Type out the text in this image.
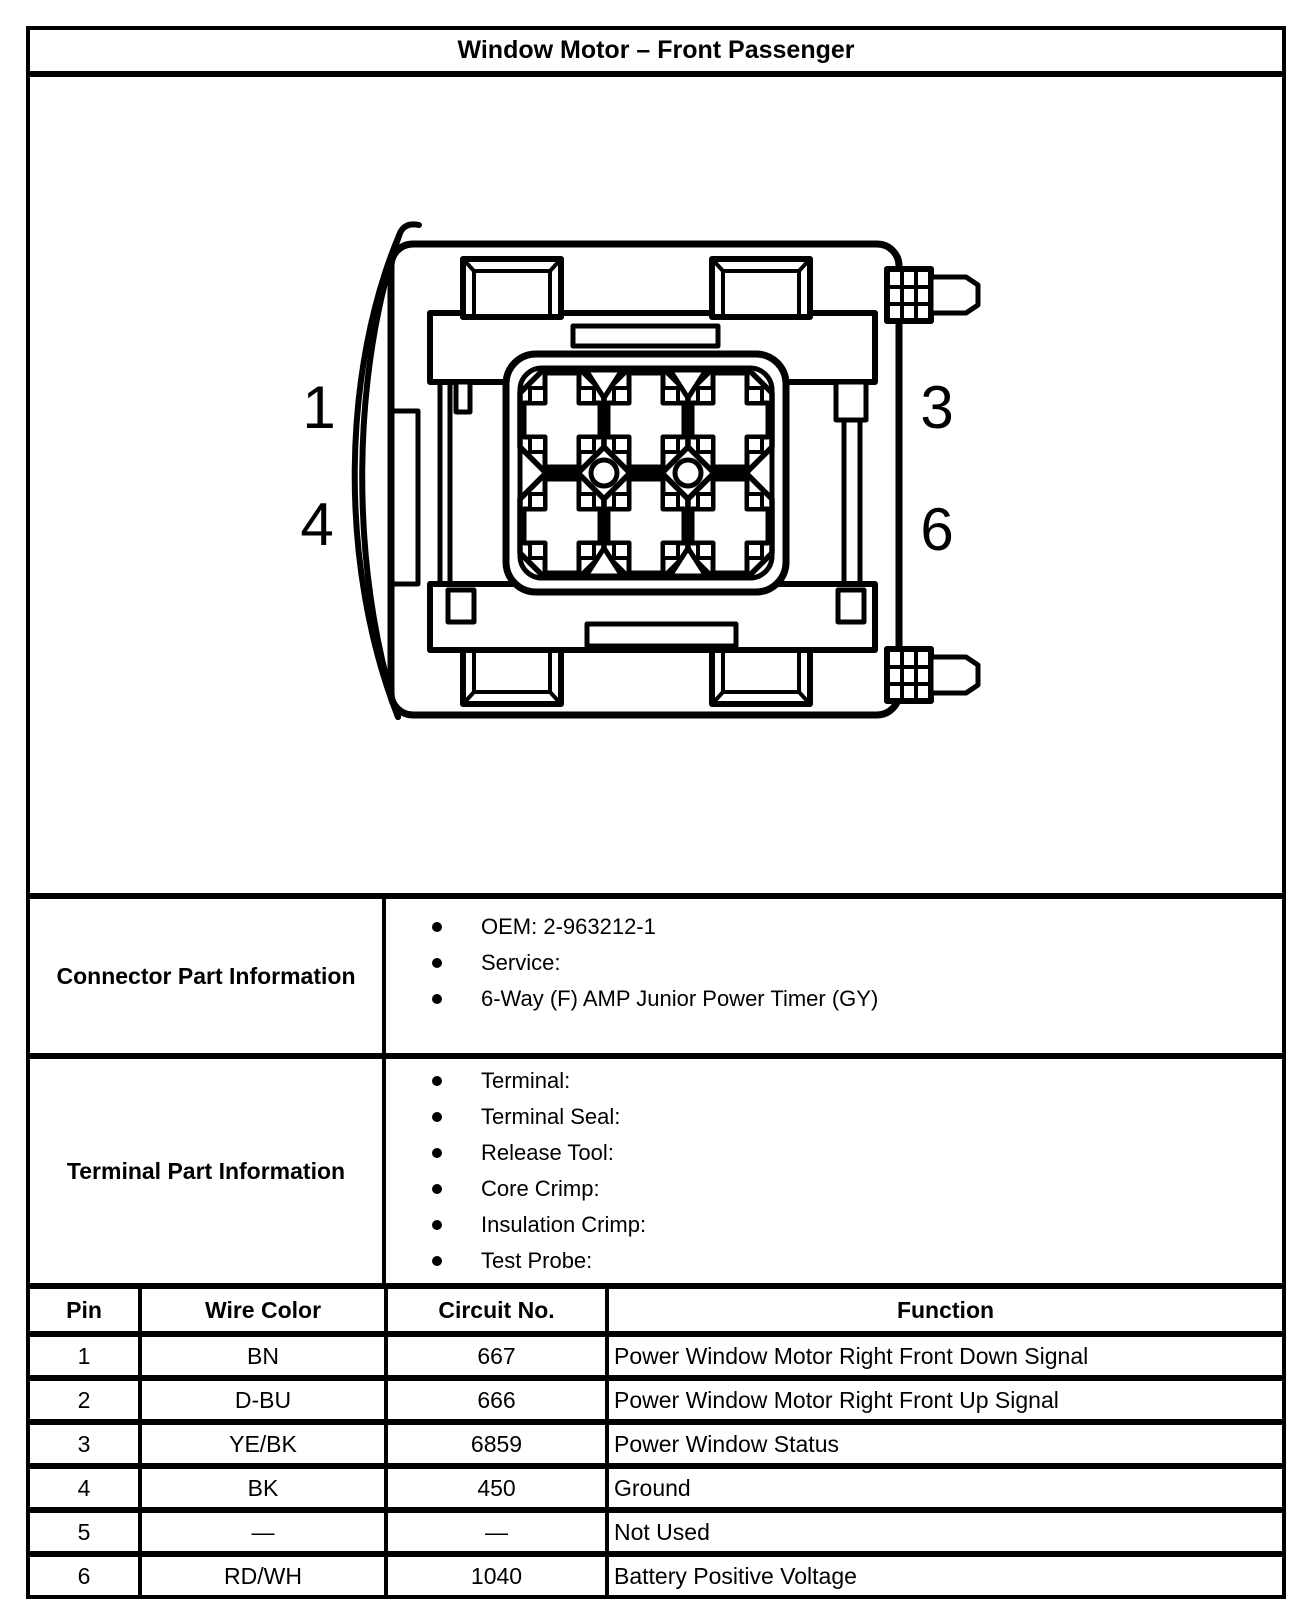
Window Motor – Front Passenger
1
4
3
6
Connector Part Information
OEM: 2-963212-1
Service:
6-Way (F) AMP Junior Power Timer (GY)
Terminal Part Information
Terminal:
Terminal Seal:
Release Tool:
Core Crimp:
Insulation Crimp:
Test Probe:
Pin	Wire Color	Circuit No.	Function
1	BN	667	Power Window Motor Right Front Down Signal
2	D-BU	666	Power Window Motor Right Front Up Signal
3	YE/BK	6859	Power Window Status
4	BK	450	Ground
5	—	—	Not Used
6	RD/WH	1040	Battery Positive Voltage
